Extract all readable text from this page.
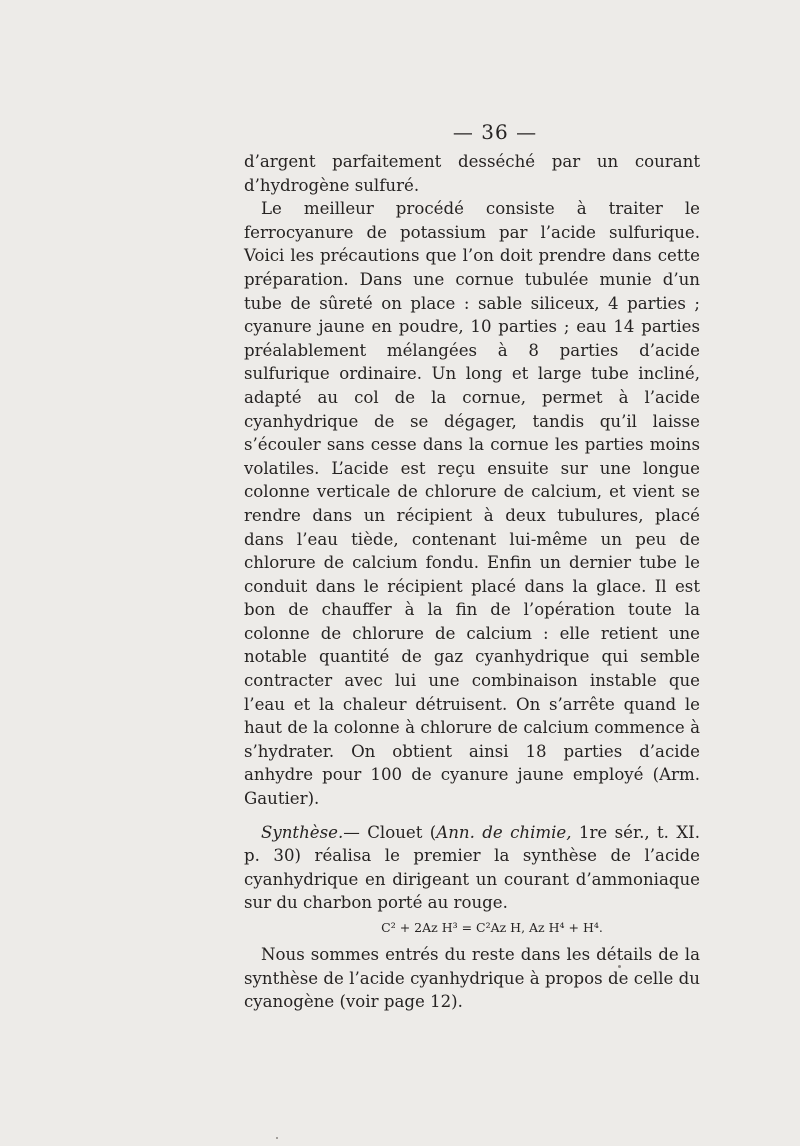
— 36 —

d’argent parfaitement desséché par un courant d’hydrogène sulfuré.

Le meilleur procédé consiste à traiter le ferrocyanure de potassium par l’acide sulfurique. Voici les précautions que l’on doit prendre dans cette préparation. Dans une cornue tubulée munie d’un tube de sûreté on place : sable siliceux, 4 parties ; cyanure jaune en poudre, 10 parties ; eau 14 parties préalablement mélangées à 8 parties d’acide sulfurique ordinaire. Un long et large tube incliné, adapté au col de la cornue, permet à l’acide cyanhydrique de se dégager, tandis qu’il laisse s’écouler sans cesse dans la cornue les parties moins volatiles. L’acide est reçu ensuite sur une longue colonne verticale de chlorure de calcium, et vient se rendre dans un récipient à deux tubulures, placé dans l’eau tiède, contenant lui-même un peu de chlorure de calcium fondu. Enfin un dernier tube le conduit dans le récipient placé dans la glace. Il est bon de chauffer à la fin de l’opération toute la colonne de chlorure de calcium : elle retient une notable quantité de gaz cyanhydrique qui semble contracter avec lui une combinaison instable que l’eau et la chaleur détruisent. On s’arrête quand le haut de la colonne à chlorure de calcium commence à s’hydrater. On obtient ainsi 18 parties d’acide anhydre pour 100 de cyanure jaune employé (Arm. Gautier).

Synthèse.— Clouet (Ann. de chimie, 1re sér., t. XI. p. 30) réalisa le premier la synthèse de l’acide cyanhydrique en dirigeant un courant d’ammoniaque sur du charbon porté au rouge.

C² + 2Az H³ = C²Az H, Az H⁴ + H⁴.

Nous sommes entrés du reste dans les détails de la synthèse de l’acide cyanhydrique à propos de celle du cyanogène (voir page 12).
